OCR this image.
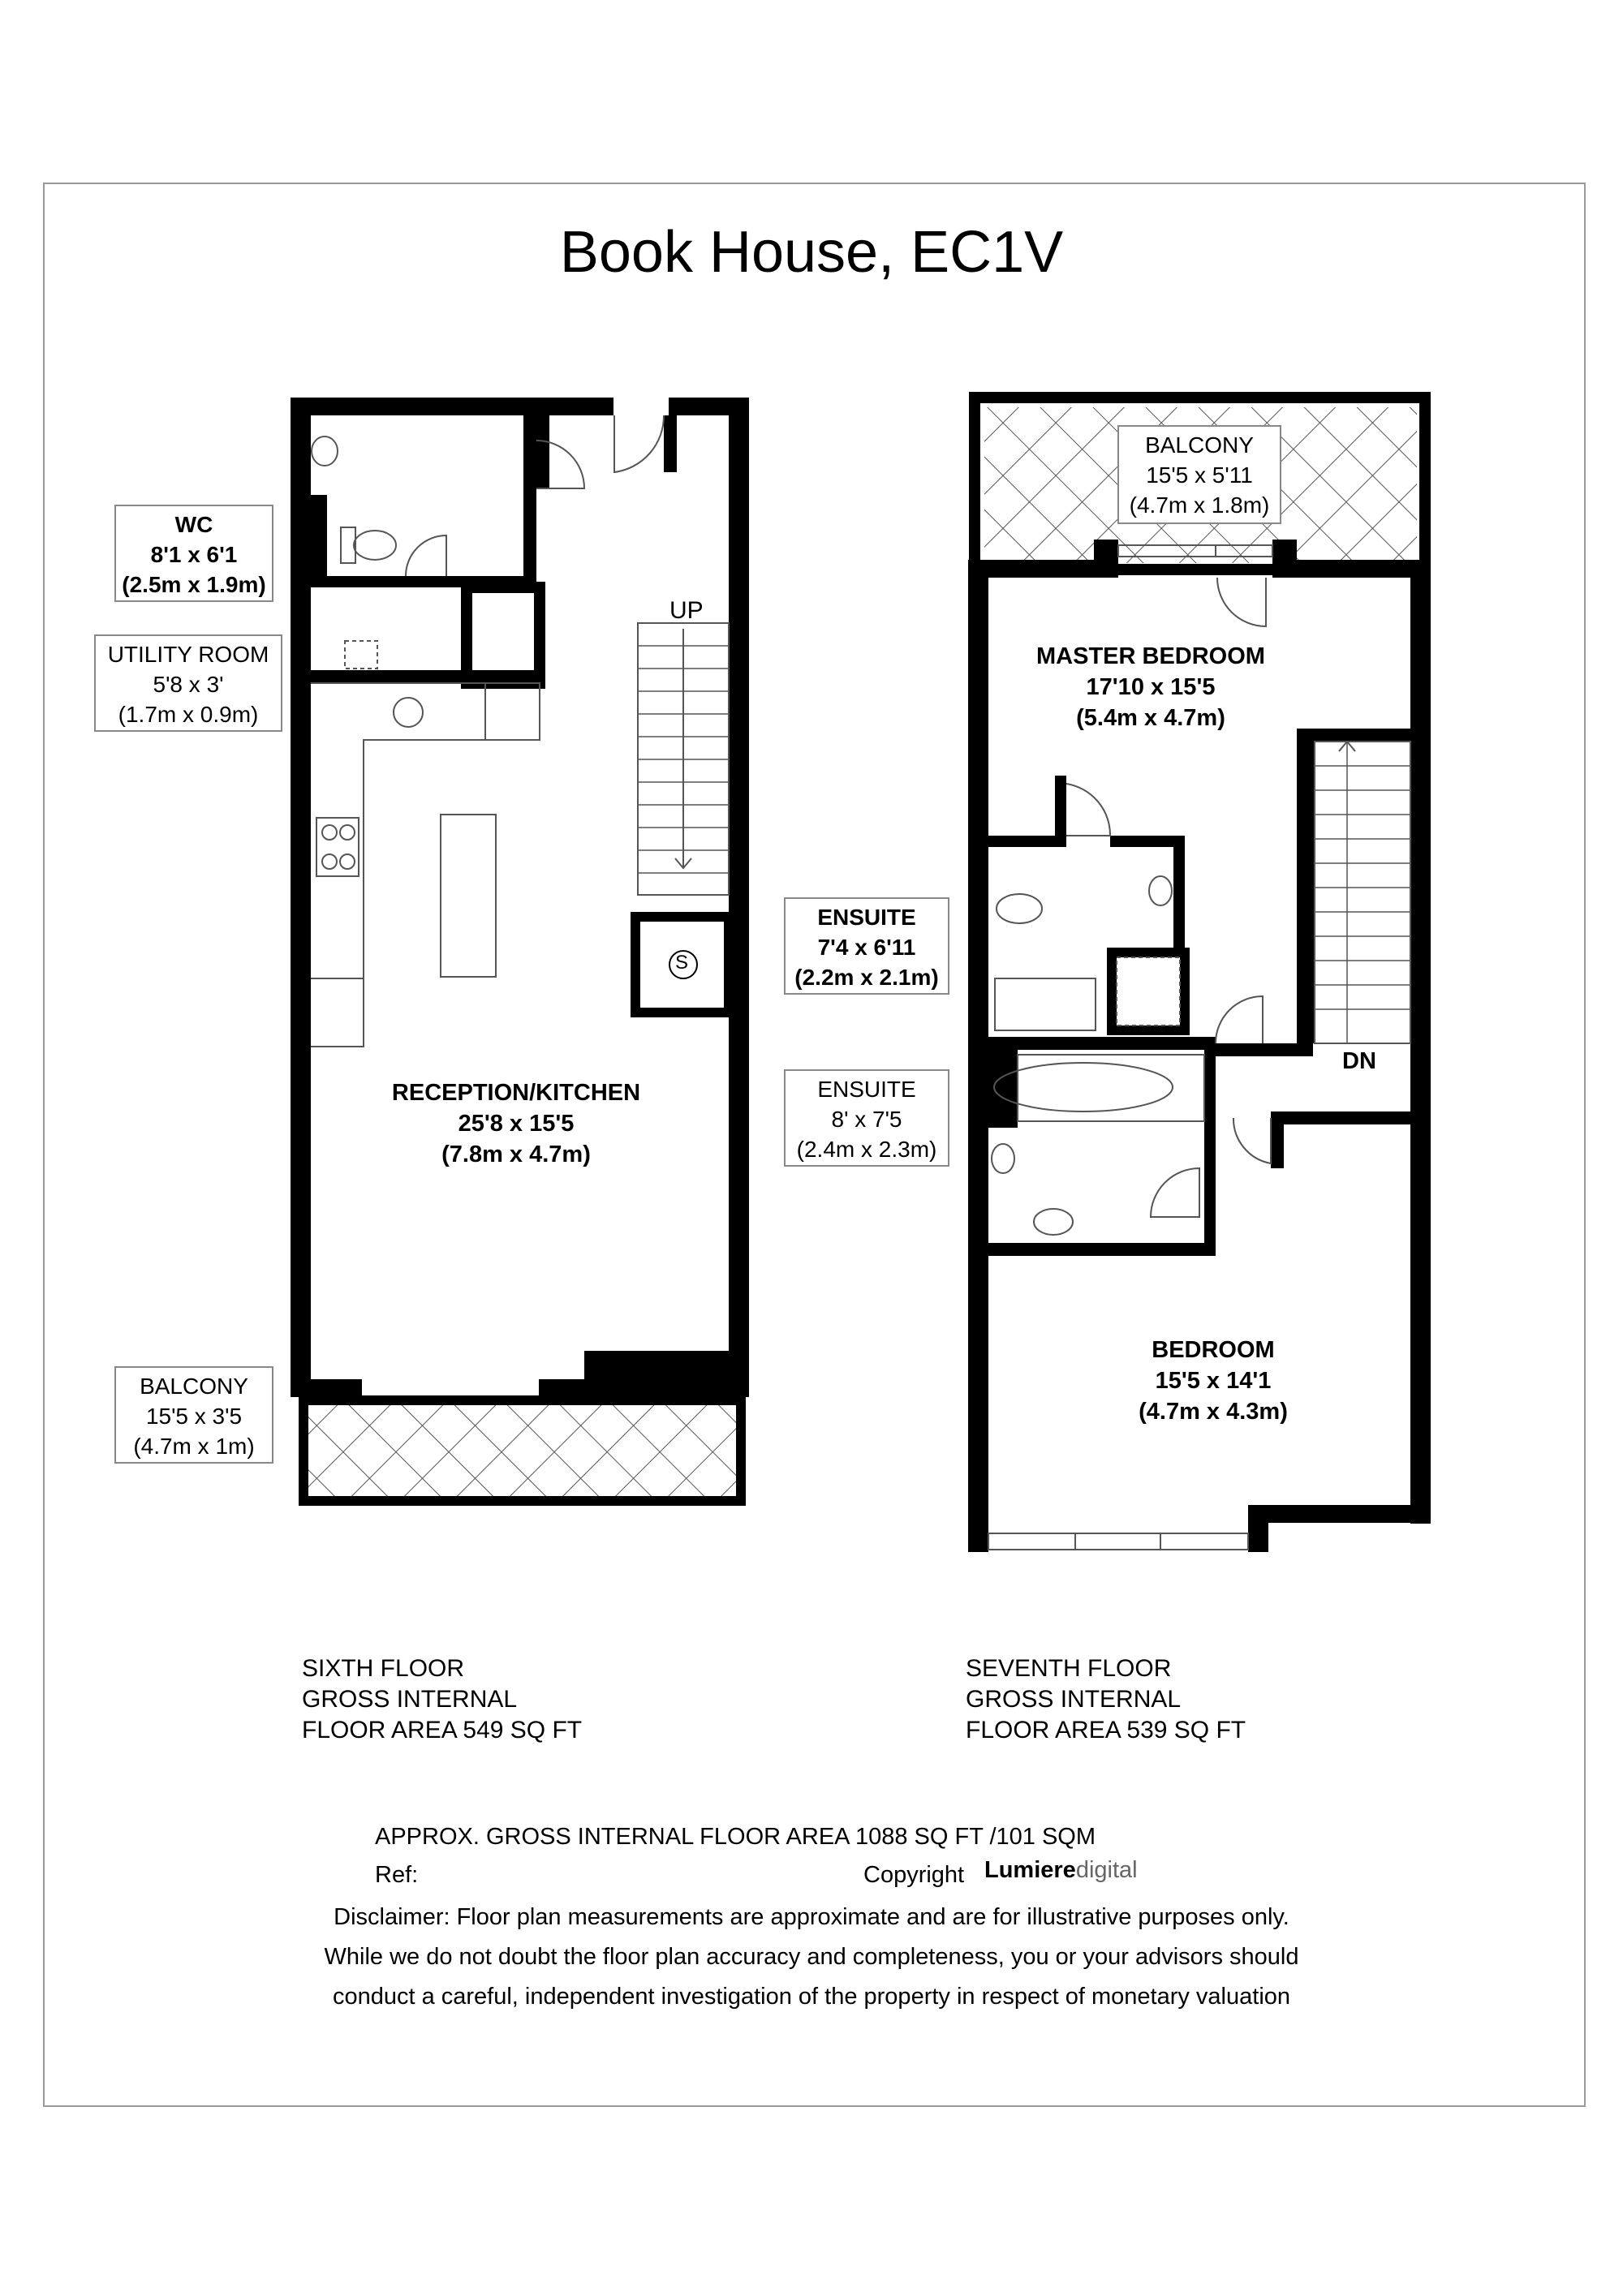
Book House, EC1V
WC
8'1 x 6'1
(2.5m x 1.9m)
UTILITY ROOM
5'8 x 3'
(1.7m x 0.9m)
BALCONY
15'5 x 3'5
(4.7m x 1m)
UP
S
RECEPTION/KITCHEN
25'8 x 15'5
(7.8m x 4.7m)
BALCONY
15'5 x 5'11
(4.7m x 1.8m)
MASTER BEDROOM
17'10 x 15'5
(5.4m x 4.7m)
ENSUITE
7'4 x 6'11
(2.2m x 2.1m)
ENSUITE
8' x 7'5
(2.4m x 2.3m)
DN
BEDROOM
15'5 x 14'1
(4.7m x 4.3m)
SIXTH FLOOR
GROSS INTERNAL
FLOOR AREA 549 SQ FT
SEVENTH FLOOR
GROSS INTERNAL
FLOOR AREA 539 SQ FT
APPROX. GROSS INTERNAL FLOOR AREA 1088 SQ FT /101 SQM
Ref:	Copyright Lumieredigital
Disclaimer: Floor plan measurements are approximate and are for illustrative purposes only.
While we do not doubt the floor plan accuracy and completeness, you or your advisors should
conduct a careful, independent investigation of the property in respect of monetary valuation
